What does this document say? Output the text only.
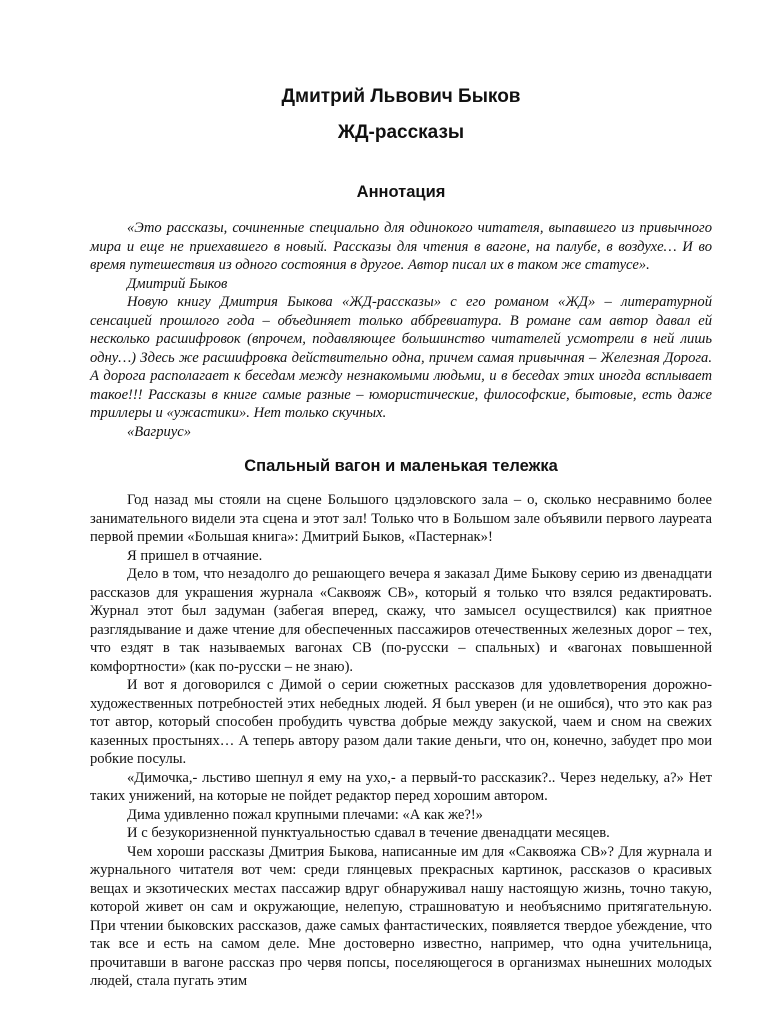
Дмитрий Львович Быков
ЖД-рассказы
Аннотация

«Это рассказы, сочиненные специально для одинокого читателя, выпавшего из привычного мира и еще не приехавшего в новый. Рассказы для чтения в вагоне, на палубе, в воздухе… И во время путешествия из одного состояния в другое. Автор писал их в таком же статусе».

Дмитрий Быков

Новую книгу Дмитрия Быкова «ЖД-рассказы» с его романом «ЖД» – литературной сенсацией прошлого года – объединяет только аббревиатура. В романе сам автор давал ей несколько расшифровок (впрочем, подавляющее большинство читателей усмотрели в ней лишь одну…) Здесь же расшифровка действительно одна, причем самая привычная – Железная Дорога. А дорога располагает к беседам между незнакомыми людьми, и в беседах этих иногда всплывает такое!!! Рассказы в книге самые разные – юмористические, философские, бытовые, есть даже триллеры и «ужастики». Нет только скучных.

«Вагриус»

Спальный вагон и маленькая тележка

Год назад мы стояли на сцене Большого цэдэловского зала – о, сколько несравнимо более занимательного видели эта сцена и этот зал! Только что в Большом зале объявили первого лауреата первой премии «Большая книга»: Дмитрий Быков, «Пастернак»!

Я пришел в отчаяние.

Дело в том, что незадолго до решающего вечера я заказал Диме Быкову серию из двенадцати рассказов для украшения журнала «Саквояж СВ», который я только что взялся редактировать. Журнал этот был задуман (забегая вперед, скажу, что замысел осуществился) как приятное разглядывание и даже чтение для обеспеченных пассажиров отечественных железных дорог – тех, что ездят в так называемых вагонах СВ (по-русски – спальных) и «вагонах повышенной комфортности» (как по-русски – не знаю).

И вот я договорился с Димой о серии сюжетных рассказов для удовлетворения дорожно-художественных потребностей этих небедных людей. Я был уверен (и не ошибся), что это как раз тот автор, который способен пробудить чувства добрые между закуской, чаем и сном на свежих казенных простынях… А теперь автору разом дали такие деньги, что он, конечно, забудет про мои робкие посулы.

«Димочка,- льстиво шепнул я ему на ухо,- а первый-то рассказик?.. Через недельку, а?» Нет таких унижений, на которые не пойдет редактор перед хорошим автором.

Дима удивленно пожал крупными плечами: «А как же?!»

И с безукоризненной пунктуальностью сдавал в течение двенадцати месяцев.

Чем хороши рассказы Дмитрия Быкова, написанные им для «Саквояжа СВ»? Для журнала и журнального читателя вот чем: среди глянцевых прекрасных картинок, рассказов о красивых вещах и экзотических местах пассажир вдруг обнаруживал нашу настоящую жизнь, точно такую, которой живет он сам и окружающие, нелепую, страшноватую и необъяснимо притягательную. При чтении быковских рассказов, даже самых фантастических, появляется твердое убеждение, что так все и есть на самом деле. Мне достоверно известно, например, что одна учительница, прочитавши в вагоне рассказ про червя попсы, поселяющегося в организмах нынешних молодых людей, стала пугать этим
